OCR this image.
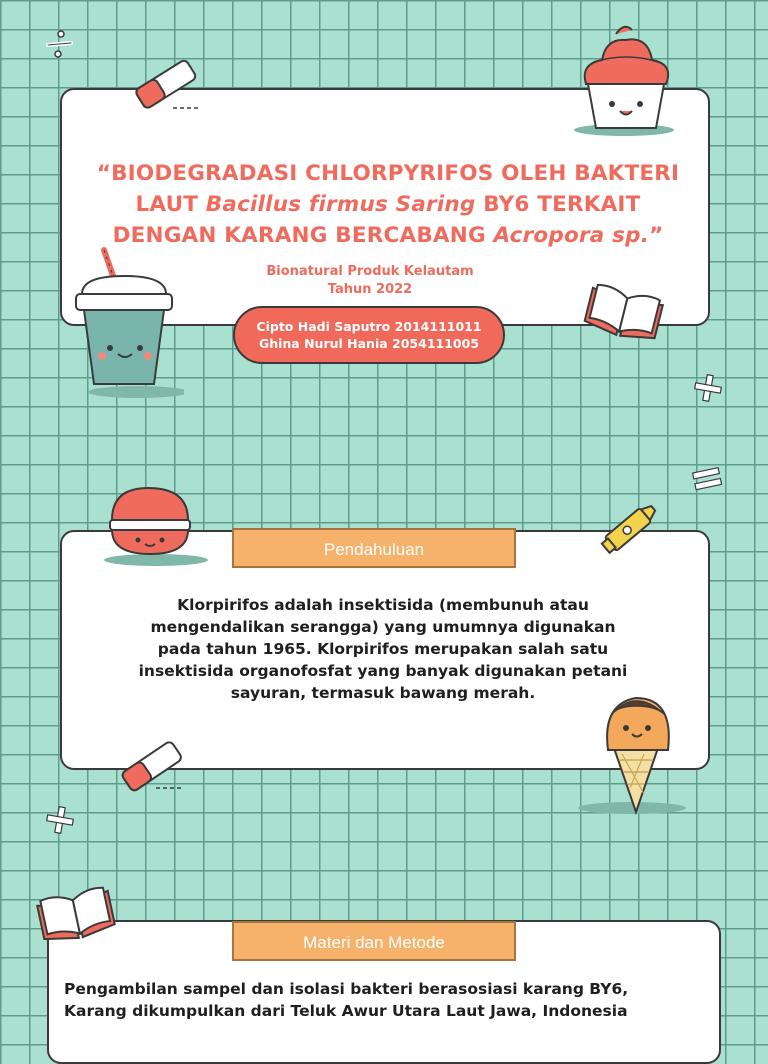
“BIODEGRADASI CHLORPYRIFOS OLEH BAKTERI
LAUT Bacillus firmus Saring BY6 TERKAIT
DENGAN KARANG BERCABANG Acropora sp.”
Bionatural Produk Kelautam
Tahun 2022
Cipto Hadi Saputro 2014111011
Ghina Nurul Hania 2054111005
Pendahuluan
Klorpirifos adalah insektisida (membunuh atau
mengendalikan serangga) yang umumnya digunakan
pada tahun 1965. Klorpirifos merupakan salah satu
insektisida organofosfat yang banyak digunakan petani
sayuran, termasuk bawang merah.
Materi dan Metode
Pengambilan sampel dan isolasi bakteri berasosiasi karang BY6,
Karang dikumpulkan dari Teluk Awur Utara Laut Jawa, Indonesia
